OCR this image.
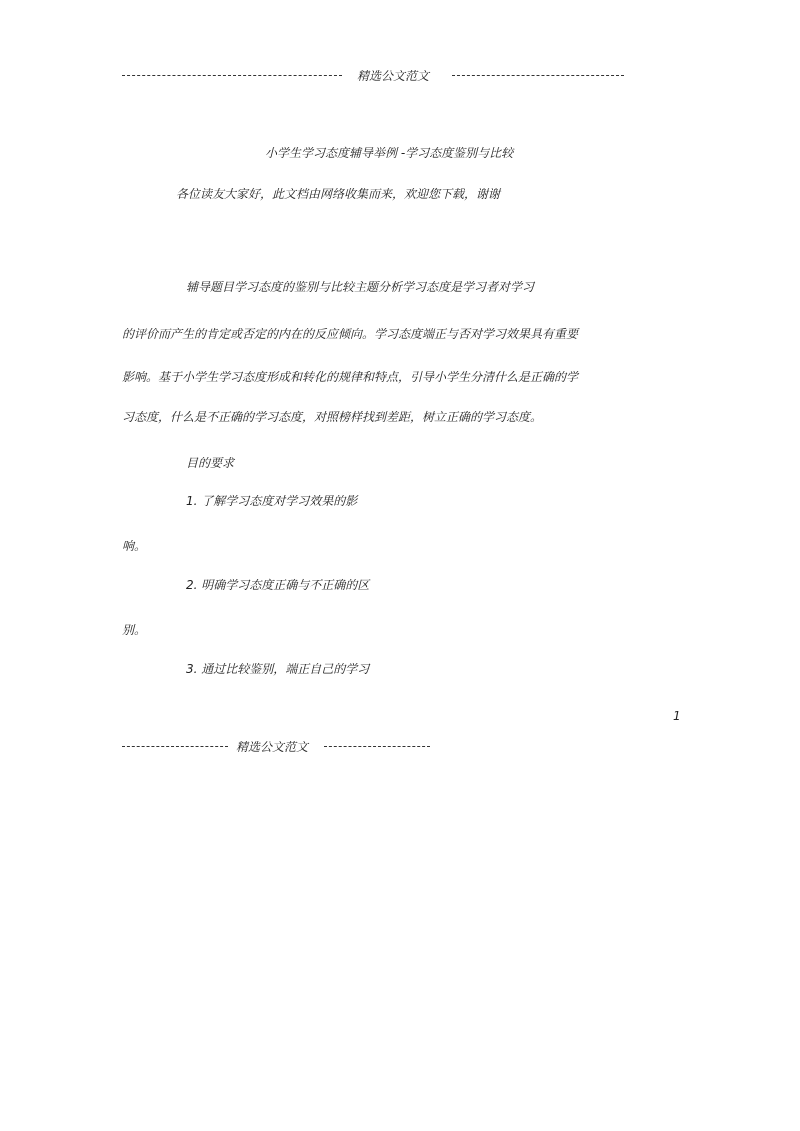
精选公文范文
小学生学习态度辅导举例 -学习态度鉴别与比较
各位读友大家好，此文档由网络收集而来，欢迎您下载，谢谢
辅导题目学习态度的鉴别与比较主题分析学习态度是学习者对学习
的评价而产生的肯定或否定的内在的反应倾向。学习态度端正与否对学习效果具有重要
影响。基于小学生学习态度形成和转化的规律和特点，引导小学生分清什么是正确的学
习态度，什么是不正确的学习态度，对照榜样找到差距，树立正确的学习态度。
目的要求
1. 了解学习态度对学习效果的影
响。
2. 明确学习态度正确与不正确的区
别。
3. 通过比较鉴别，端正自己的学习
1
精选公文范文
